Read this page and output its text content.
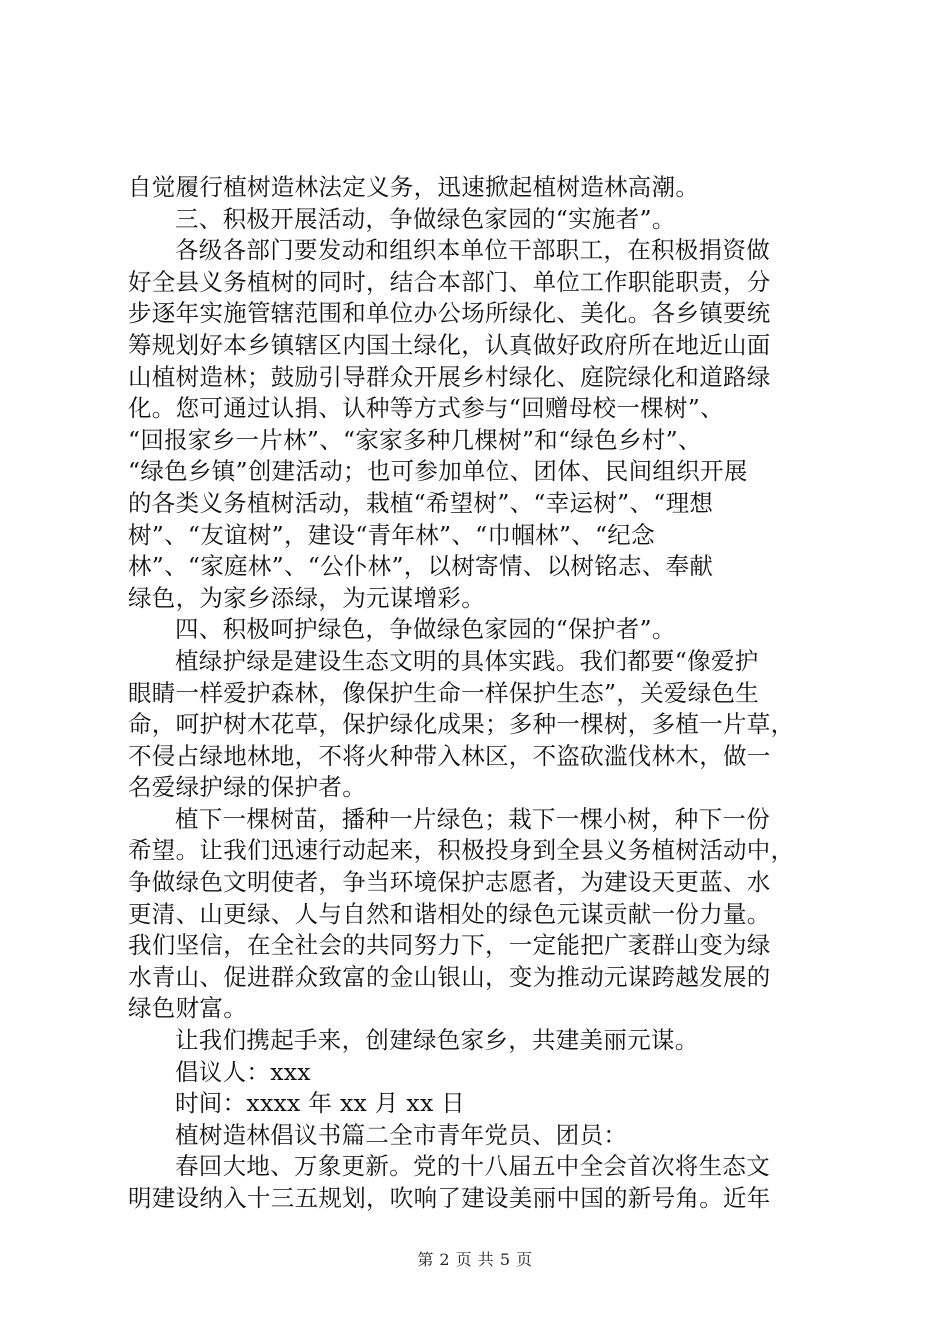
自觉履行植树造林法定义务，迅速掀起植树造林高潮。
三、积极开展活动，争做绿色家园的“实施者”。
各级各部门要发动和组织本单位干部职工，在积极捐资做
好全县义务植树的同时，结合本部门、单位工作职能职责，分
步逐年实施管辖范围和单位办公场所绿化、美化。各乡镇要统
筹规划好本乡镇辖区内国土绿化，认真做好政府所在地近山面
山植树造林；鼓励引导群众开展乡村绿化、庭院绿化和道路绿
化。您可通过认捐、认种等方式参与“回赠母校一棵树”、
“回报家乡一片林”、“家家多种几棵树”和“绿色乡村”、
“绿色乡镇”创建活动；也可参加单位、团体、民间组织开展
的各类义务植树活动，栽植“希望树”、“幸运树”、“理想
树”、“友谊树”，建设“青年林”、“巾帼林”、“纪念
林”、“家庭林”、“公仆林”，以树寄情、以树铭志、奉献
绿色，为家乡添绿，为元谋增彩。
四、积极呵护绿色，争做绿色家园的“保护者”。
植绿护绿是建设生态文明的具体实践。我们都要“像爱护
眼睛一样爱护森林，像保护生命一样保护生态”，关爱绿色生
命，呵护树木花草，保护绿化成果；多种一棵树，多植一片草，
不侵占绿地林地，不将火种带入林区，不盗砍滥伐林木，做一
名爱绿护绿的保护者。
植下一棵树苗，播种一片绿色；栽下一棵小树，种下一份
希望。让我们迅速行动起来，积极投身到全县义务植树活动中，
争做绿色文明使者，争当环境保护志愿者，为建设天更蓝、水
更清、山更绿、人与自然和谐相处的绿色元谋贡献一份力量。
我们坚信，在全社会的共同努力下，一定能把广袤群山变为绿
水青山、促进群众致富的金山银山，变为推动元谋跨越发展的
绿色财富。
让我们携起手来，创建绿色家乡，共建美丽元谋。
倡议人：xxx
时间：xxxx 年 xx 月 xx 日
植树造林倡议书篇二全市青年党员、团员：
春回大地、万象更新。党的十八届五中全会首次将生态文
明建设纳入十三五规划，吹响了建设美丽中国的新号角。近年
第 2 页 共 5 页
